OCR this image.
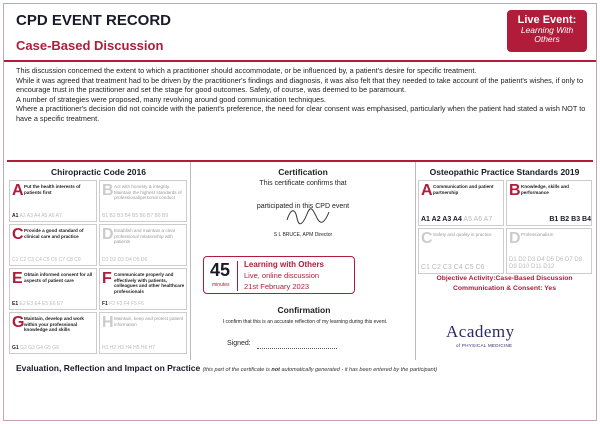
CPD EVENT RECORD
Case-Based Discussion
Live Event:
Learning With Others
This discussion concerned the extent to which a practitioner should accommodate, or be influenced by, a patient's desire for specific treatment.
While it was agreed that treatment had to be driven by the practitioner's findings and diagnosis, it was also felt that they needed to take account of the patient's wishes, if only to encourage trust in the practitioner and set the stage for good outcomes. Safety, of course, was deemed to be paramount.
A number of strategies were proposed, many revolving around good communication techniques.
Where a practitioner's decision did not coincide with the patient's preference, the need for clear consent was emphasised, particularly when the patient had stated a wish NOT to have a specific treatment.
Chiropractic Code 2016
A Put the health interests of patients first
A1 A2 A3 A4 A5 A6 A7
B Act with honesty & integrity. Maintain the highest standards of professional/personal conduct
B1 B2 B3 B4 B5 B6 B7 B8 B9
C Provide a good standard of clinical care and practice
C1 C2 C3 C4 C5 C6 C7 C8 C9
D Establish and maintain a clear professional relationship with patients
D1 D2 D3 D4 D5 D6
E Obtain informed consent for all aspects of patient care
E1 E2 E3 E4 E5 E6 E7
F Communicate properly and effectively with patients, colleagues and other healthcare professionals
F1 F2 F3 F4 F5 F6
G Maintain, develop and work within your professional knowledge and skills
G1 G2 G3 G4 G5 G6
H Maintain, keep and protect patient information
H1 H2 H3 H4 H5 H6 H7
Certification
This certificate confirms that
participated in this CPD event
S L BRUCE, APM Director
45
minutes
Learning with Others
Live, online discussion
21st February 2023
Confirmation
I confirm that this is an accurate reflection of my learning during this event.
Signed:
Osteopathic Practice Standards 2019
A Communication and patient partnership
A1 A2 A3 A4 A5 A6 A7
B Knowledge, skills and performance
B1 B2 B3 B4
C Safety and quality in practice
C1 C2 C3 C4 C5 C6
D Professionalism
D1 D2 D3 D4 D5 D6 D7 D8 D9 D10 D11 D12
Objective Activity:Case-Based Discussion
Communication & Consent: Yes
Academy
of PHYSICAL MEDICINE
Evaluation, Reflection and Impact on Practice (this part of the certificate is not automatically generated - it has been entered by the participant)
